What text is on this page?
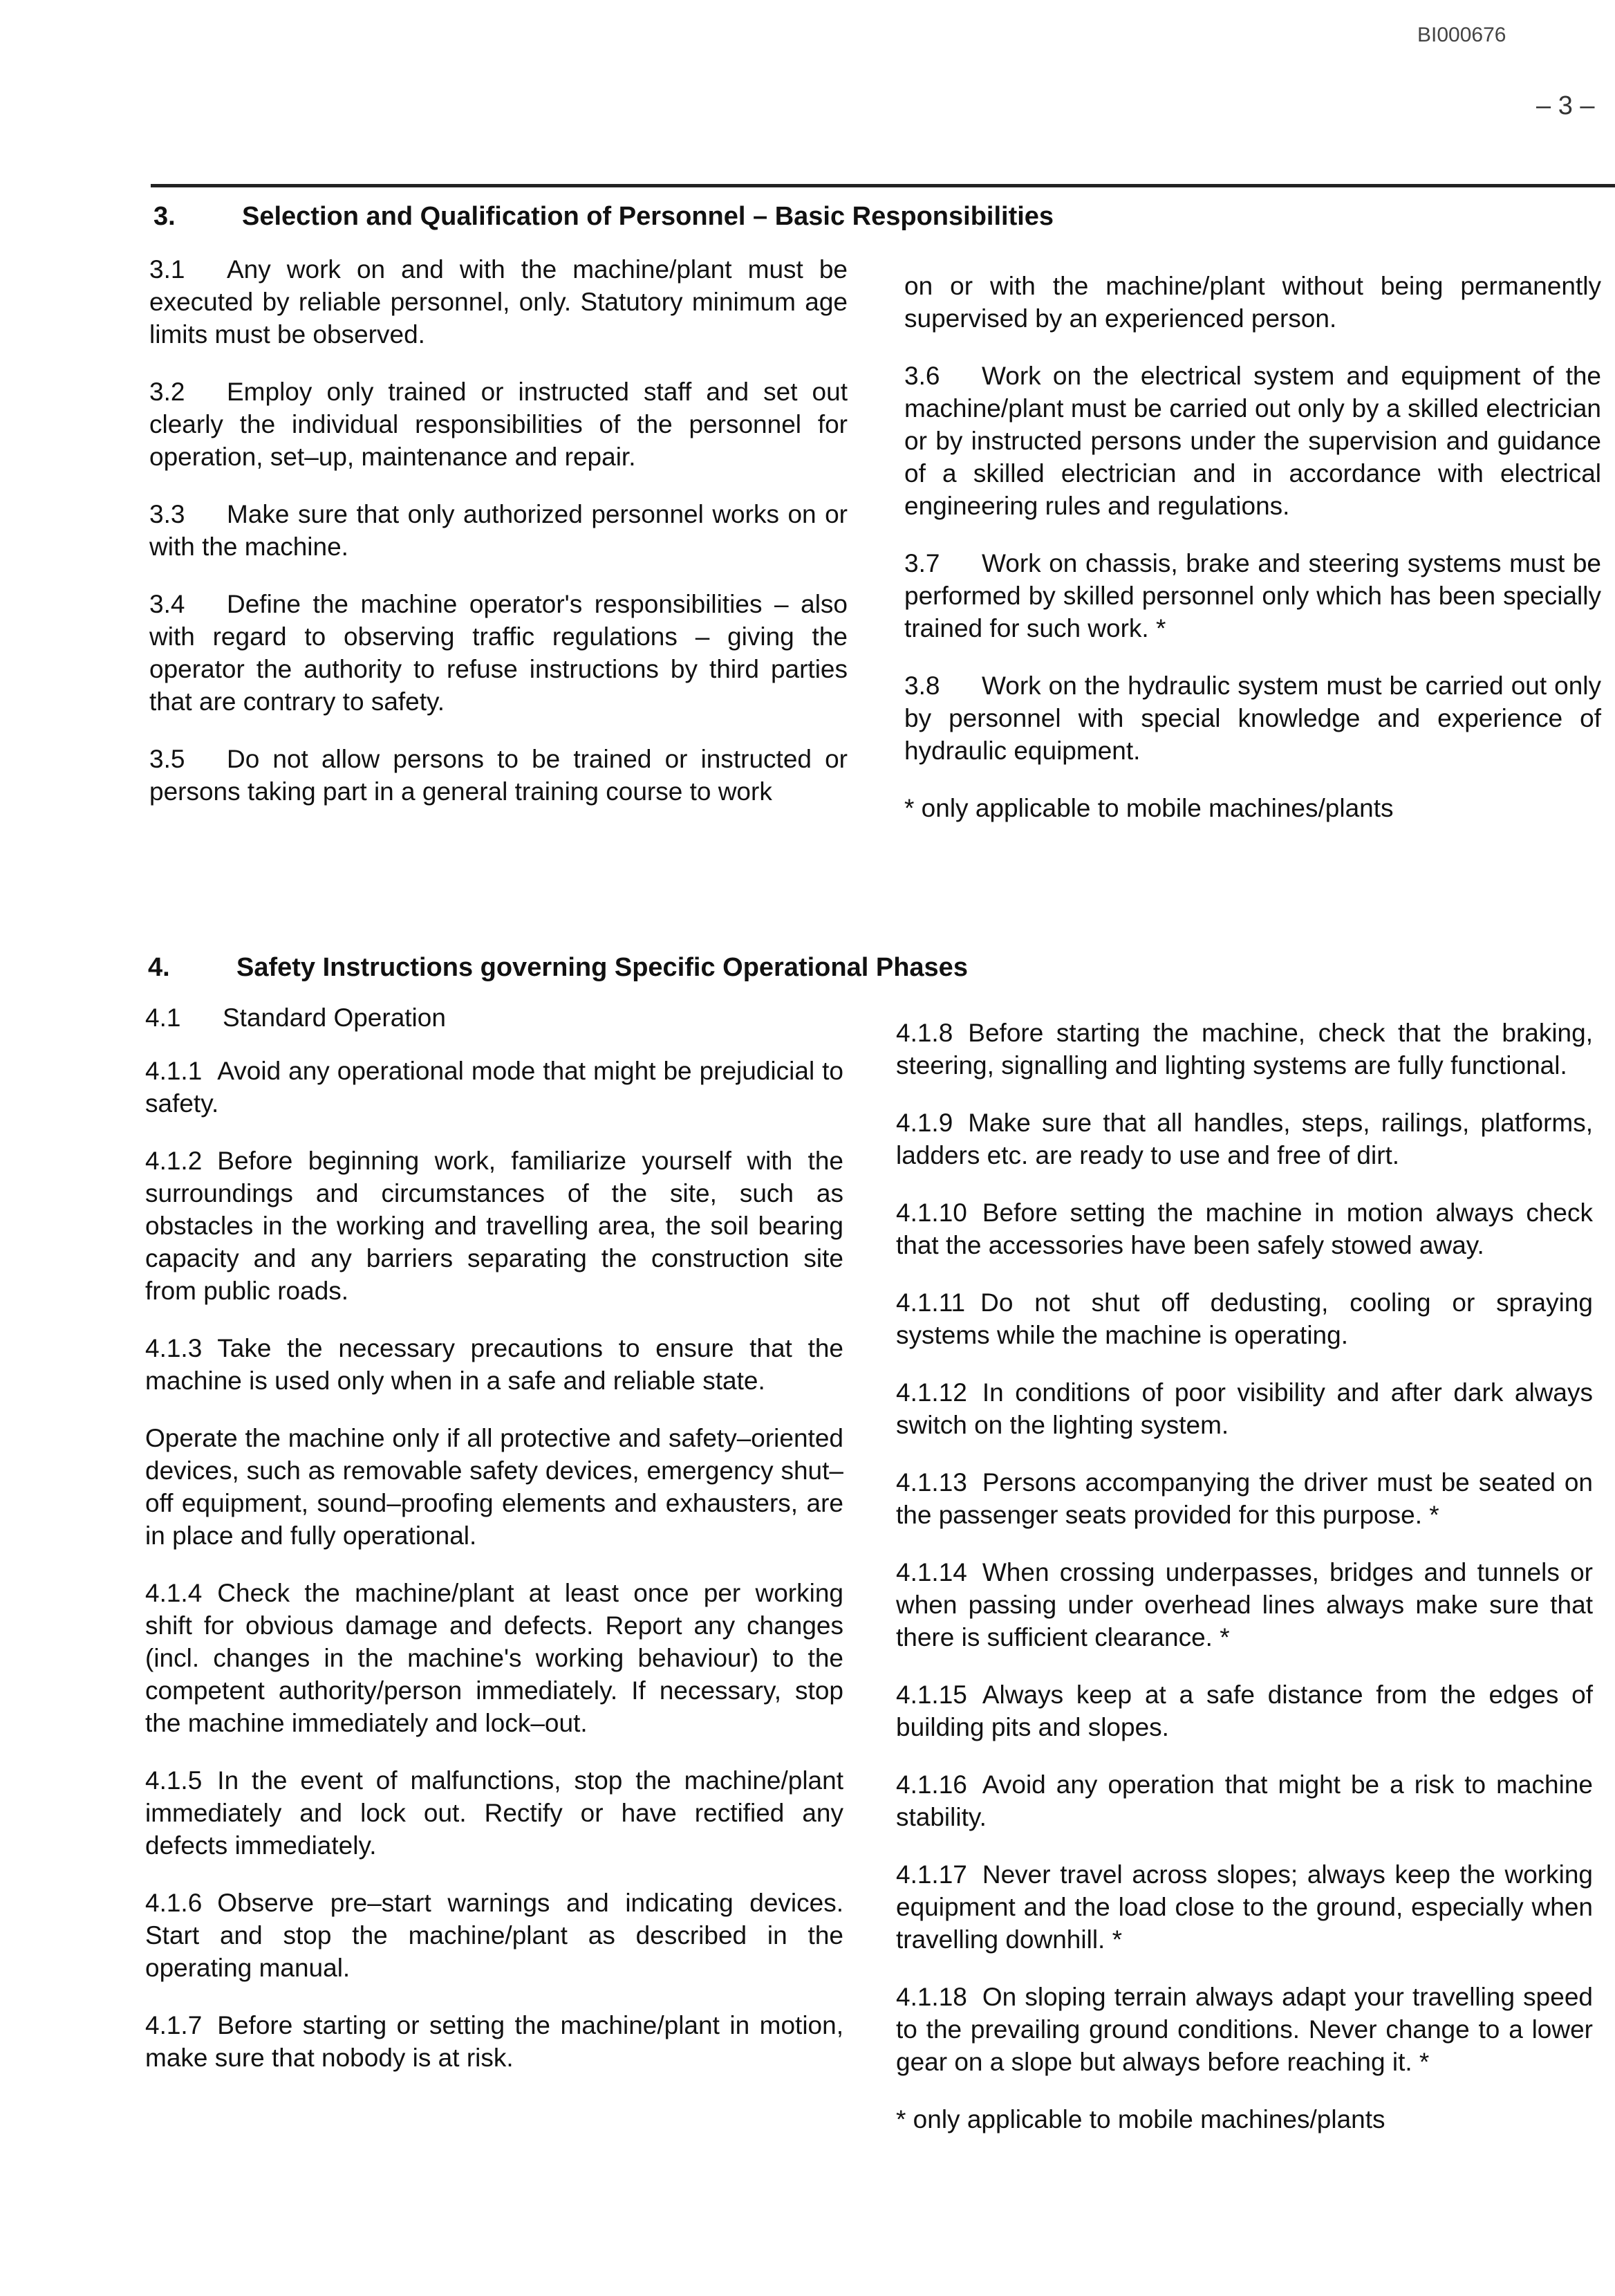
BI000676
– 3 –
3.	Selection and Qualification of Personnel – Basic Responsibilities

3.1 Any work on and with the machine/plant must be executed by reliable personnel, only. Statutory minimum age limits must be observed.

3.2 Employ only trained or instructed staff and set out clearly the individual responsibilities of the personnel for operation, set–up, maintenance and repair.

3.3 Make sure that only authorized personnel works on or with the machine.

3.4 Define the machine operator's responsibilities – also with regard to observing traffic regulations – giving the operator the authority to refuse instructions by third parties that are contrary to safety.

3.5 Do not allow persons to be trained or instructed or persons taking part in a general training course to work

on or with the machine/plant without being permanently supervised by an experienced person.

3.6 Work on the electrical system and equipment of the machine/plant must be carried out only by a skilled electrician or by instructed persons under the supervision and guidance of a skilled electrician and in accordance with electrical engineering rules and regulations.

3.7 Work on chassis, brake and steering systems must be performed by skilled personnel only which has been specially trained for such work. *

3.8 Work on the hydraulic system must be carried out only by personnel with special knowledge and experience of hydraulic equipment.

* only applicable to mobile machines/plants

4.	Safety Instructions governing Specific Operational Phases

4.1 Standard Operation

4.1.1 Avoid any operational mode that might be prejudicial to safety.

4.1.2 Before beginning work, familiarize yourself with the surroundings and circumstances of the site, such as obstacles in the working and travelling area, the soil bearing capacity and any barriers separating the construction site from public roads.

4.1.3 Take the necessary precautions to ensure that the machine is used only when in a safe and reliable state.

Operate the machine only if all protective and safety–oriented devices, such as removable safety devices, emergency shut–off equipment, sound–proofing elements and exhausters, are in place and fully operational.

4.1.4 Check the machine/plant at least once per working shift for obvious damage and defects. Report any changes (incl. changes in the machine's working behaviour) to the competent authority/person immediately. If necessary, stop the machine immediately and lock–out.

4.1.5 In the event of malfunctions, stop the machine/plant immediately and lock out. Rectify or have rectified any defects immediately.

4.1.6 Observe pre–start warnings and indicating devices. Start and stop the machine/plant as described in the operating manual.

4.1.7 Before starting or setting the machine/plant in motion, make sure that nobody is at risk.

4.1.8 Before starting the machine, check that the braking, steering, signalling and lighting systems are fully functional.

4.1.9 Make sure that all handles, steps, railings, platforms, ladders etc. are ready to use and free of dirt.

4.1.10 Before setting the machine in motion always check that the accessories have been safely stowed away.

4.1.11 Do not shut off dedusting, cooling or spraying systems while the machine is operating.

4.1.12 In conditions of poor visibility and after dark always switch on the lighting system.

4.1.13 Persons accompanying the driver must be seated on the passenger seats provided for this purpose. *

4.1.14 When crossing underpasses, bridges and tunnels or when passing under overhead lines always make sure that there is sufficient clearance. *

4.1.15 Always keep at a safe distance from the edges of building pits and slopes.

4.1.16 Avoid any operation that might be a risk to machine stability.

4.1.17 Never travel across slopes; always keep the working equipment and the load close to the ground, especially when travelling downhill. *

4.1.18 On sloping terrain always adapt your travelling speed to the prevailing ground conditions. Never change to a lower gear on a slope but always before reaching it. *

* only applicable to mobile machines/plants
